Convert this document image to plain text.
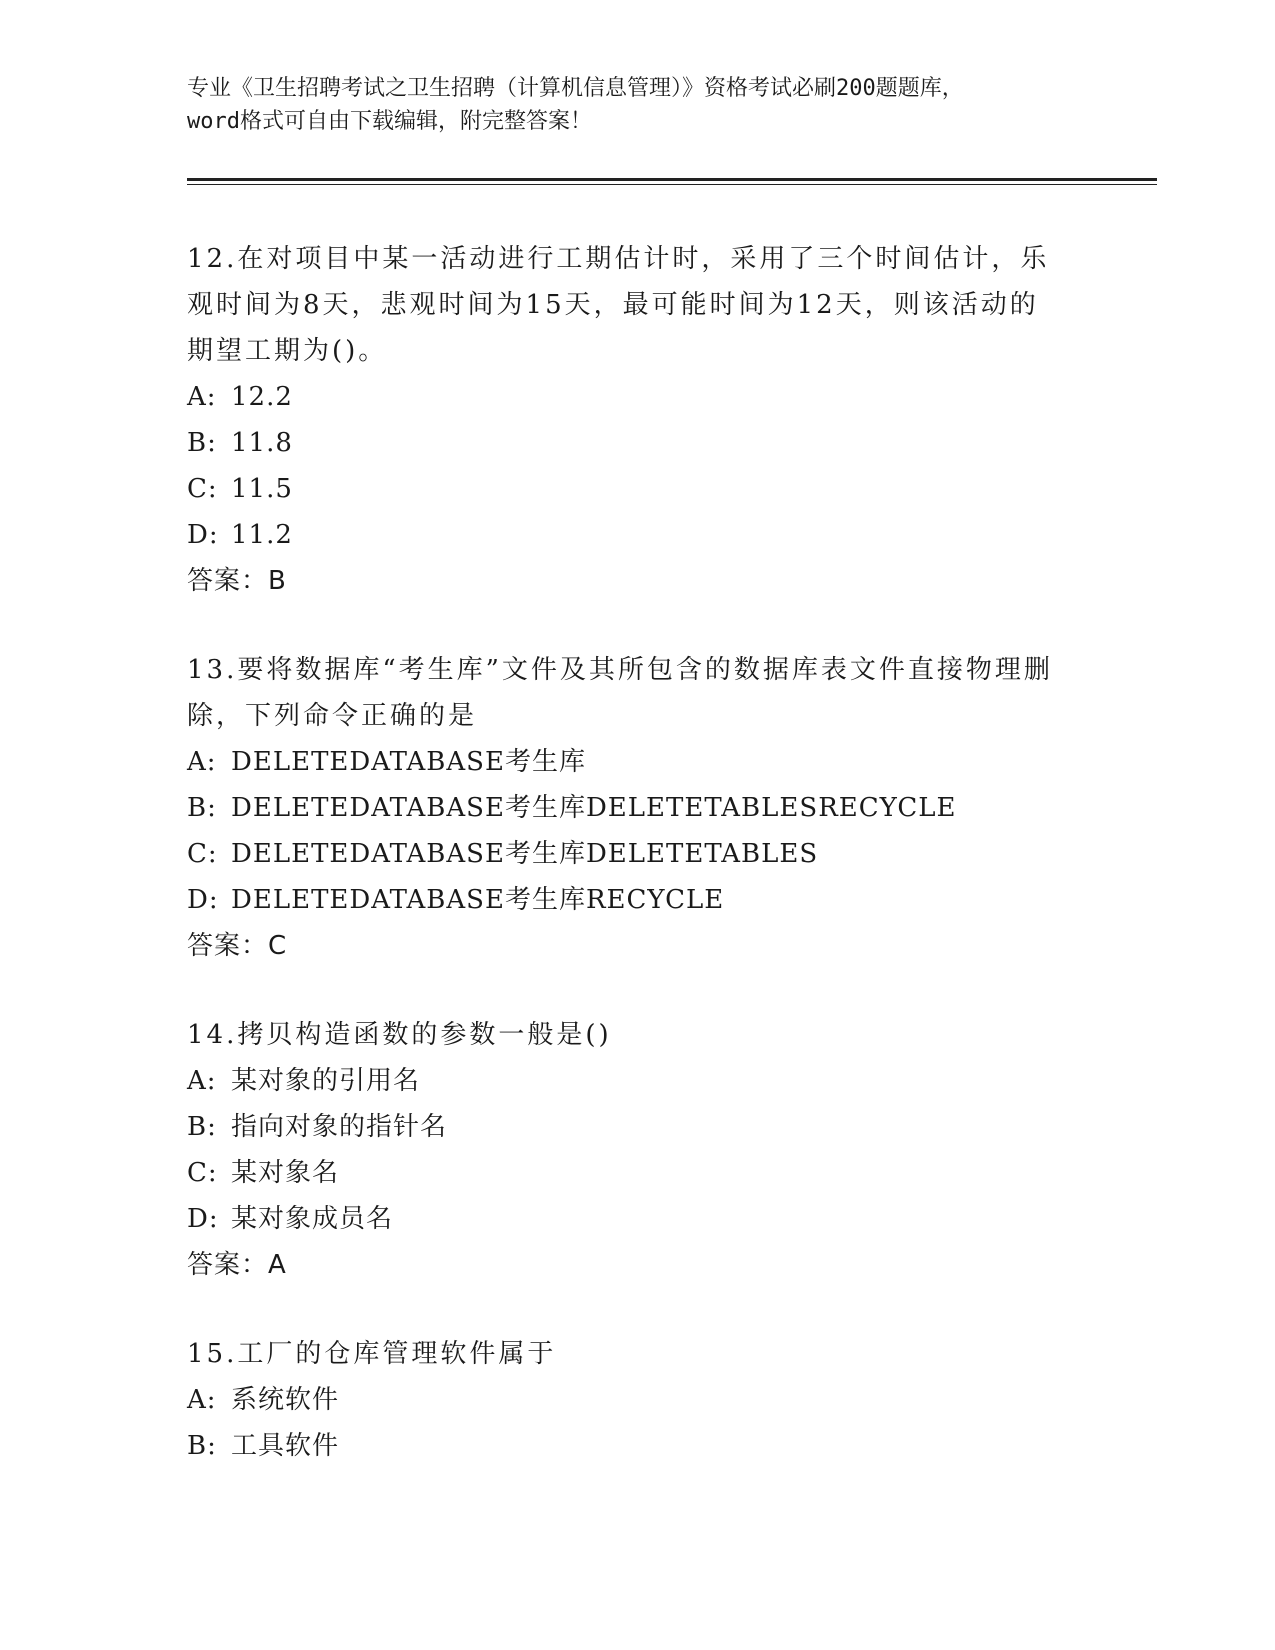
专业《卫生招聘考试之卫生招聘（计算机信息管理）》资格考试必刷200题题库，
word格式可自由下载编辑，附完整答案！
12.在对项目中某一活动进行工期估计时，采用了三个时间估计，乐观时间为8天，悲观时间为15天，最可能时间为12天，则该活动的期望工期为()。
A: 12.2
B: 11.8
C: 11.5
D: 11.2
答案：B
13.要将数据库“考生库”文件及其所包含的数据库表文件直接物理删除，下列命令正确的是
A: DELETEDATABASE考生库
B: DELETEDATABASE考生库DELETETABLESRECYCLE
C: DELETEDATABASE考生库DELETETABLES
D: DELETEDATABASE考生库RECYCLE
答案：C
14.拷贝构造函数的参数一般是()
A: 某对象的引用名
B: 指向对象的指针名
C: 某对象名
D: 某对象成员名
答案：A
15.工厂的仓库管理软件属于
A: 系统软件
B: 工具软件
